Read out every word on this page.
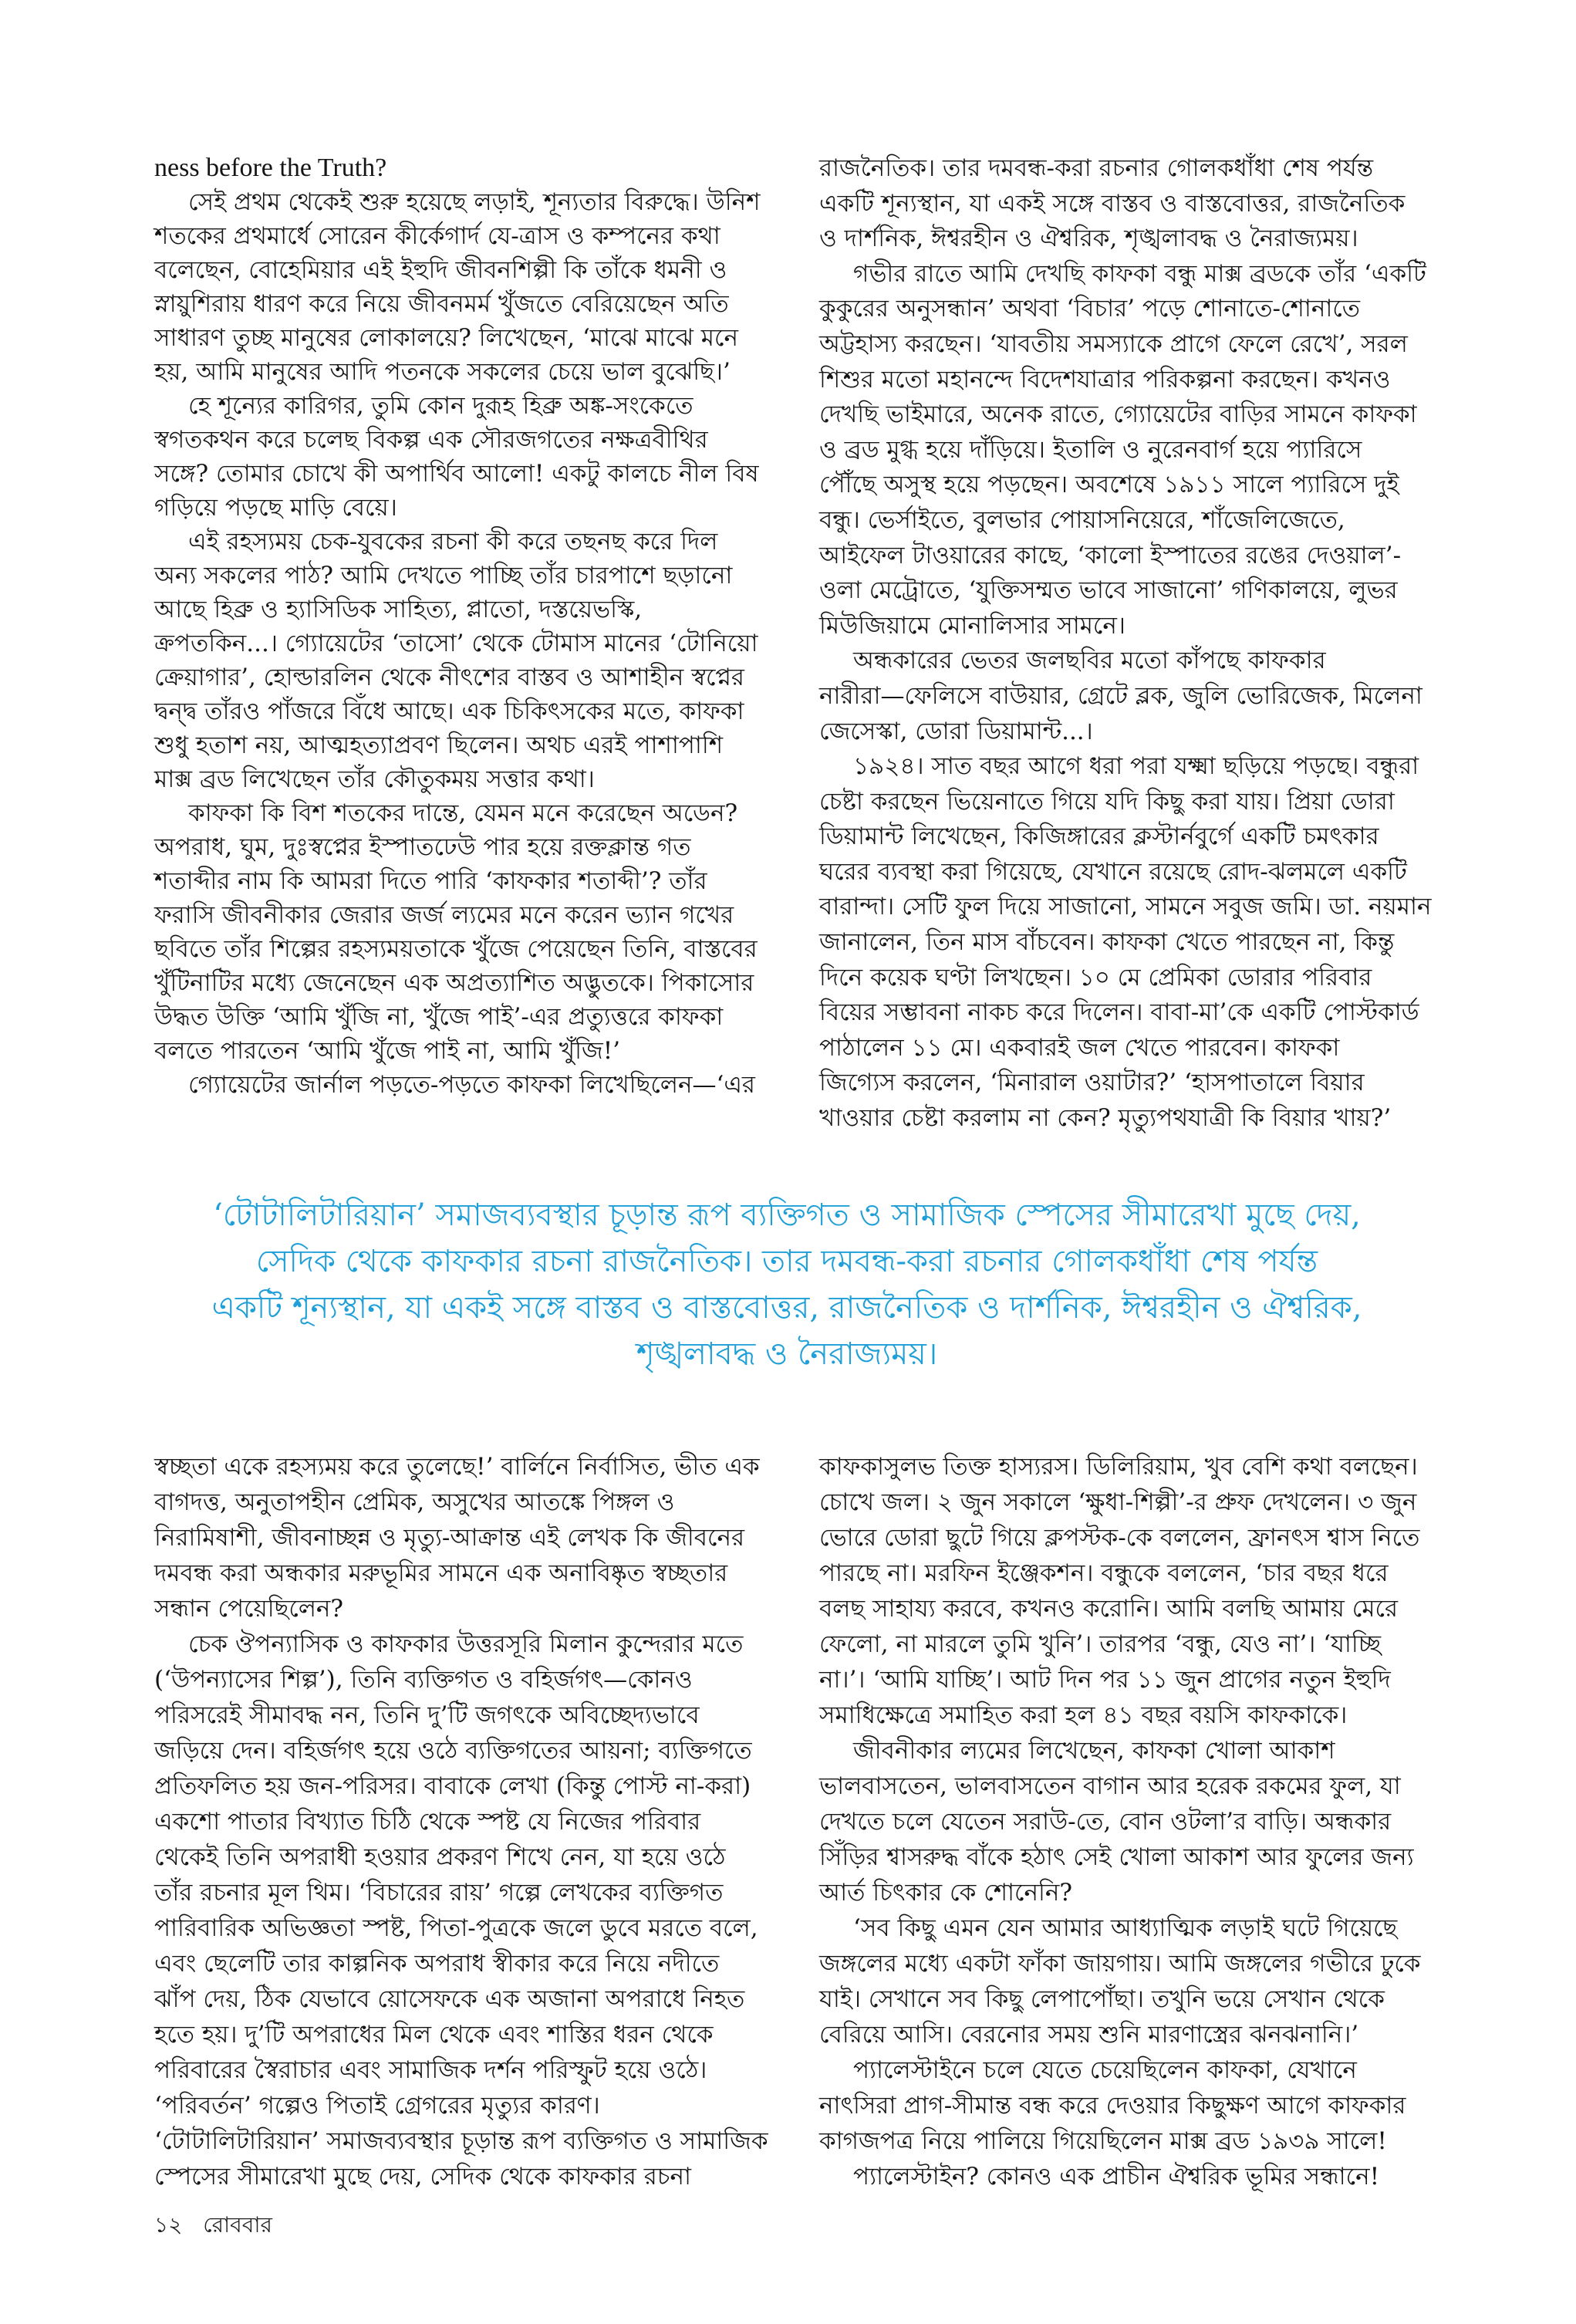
ness before the Truth?
সেই প্রথম থেকেই শুরু হয়েছে লড়াই, শূন্যতার বিরুদ্ধে। উনিশ
শতকের প্রথমার্ধে সোরেন কীর্কেগার্দ যে-ত্রাস ও কম্পনের কথা
বলেছেন, বোহেমিয়ার এই ইহুদি জীবনশিল্পী কি তাঁকে ধমনী ও
স্নায়ুশিরায় ধারণ করে নিয়ে জীবনমর্ম খুঁজতে বেরিয়েছেন অতি
সাধারণ তুচ্ছ মানুষের লোকালয়ে? লিখেছেন, ‘মাঝে মাঝে মনে
হয়, আমি মানুষের আদি পতনকে সকলের চেয়ে ভাল বুঝেছি।’
হে শূন্যের কারিগর, তুমি কোন দুরূহ হিব্রু অঙ্ক-সংকেতে
স্বগতকথন করে চলেছ বিকল্প এক সৌরজগতের নক্ষত্রবীথির
সঙ্গে? তোমার চোখে কী অপার্থিব আলো! একটু কালচে নীল বিষ
গড়িয়ে পড়ছে মাড়ি বেয়ে।
এই রহস্যময় চেক-যুবকের রচনা কী করে তছনছ করে দিল
অন্য সকলের পাঠ? আমি দেখতে পাচ্ছি তাঁর চারপাশে ছড়ানো
আছে হিব্রু ও হ্যাসিডিক সাহিত্য, প্লাতো, দস্তয়েভস্কি,
ক্রপতকিন...। গ্যোয়েটের ‘তাসো’ থেকে টোমাস মানের ‘টোনিয়ো
ক্রেয়াগার’, হোল্ডারলিন থেকে নীৎশের বাস্তব ও আশাহীন স্বপ্নের
দ্বন্দ্ব তাঁরও পাঁজরে বিঁধে আছে। এক চিকিৎসকের মতে, কাফকা
শুধু হতাশ নয়, আত্মহত্যাপ্রবণ ছিলেন। অথচ এরই পাশাপাশি
মাক্স ব্রড লিখেছেন তাঁর কৌতুকময় সত্তার কথা।
কাফকা কি বিশ শতকের দান্তে, যেমন মনে করেছেন অডেন?
অপরাধ, ঘুম, দুঃস্বপ্নের ইস্পাতঢেউ পার হয়ে রক্তক্লান্ত গত
শতাব্দীর নাম কি আমরা দিতে পারি ‘কাফকার শতাব্দী’? তাঁর
ফরাসি জীবনীকার জেরার জর্জ ল্যমের মনে করেন ভ্যান গখের
ছবিতে তাঁর শিল্পের রহস্যময়তাকে খুঁজে পেয়েছেন তিনি, বাস্তবের
খুঁটিনাটির মধ্যে জেনেছেন এক অপ্রত্যাশিত অদ্ভুতকে। পিকাসোর
উদ্ধত উক্তি ‘আমি খুঁজি না, খুঁজে পাই’-এর প্রত্যুত্তরে কাফকা
বলতে পারতেন ‘আমি খুঁজে পাই না, আমি খুঁজি!’
গ্যোয়েটের জার্নাল পড়তে-পড়তে কাফকা লিখেছিলেন—‘এর
রাজনৈতিক। তার দমবন্ধ-করা রচনার গোলকধাঁধা শেষ পর্যন্ত
একটি শূন্যস্থান, যা একই সঙ্গে বাস্তব ও বাস্তবোত্তর, রাজনৈতিক
ও দার্শনিক, ঈশ্বরহীন ও ঐশ্বরিক, শৃঙ্খলাবদ্ধ ও নৈরাজ্যময়।
গভীর রাতে আমি দেখছি কাফকা বন্ধু মাক্স ব্রডকে তাঁর ‘একটি
কুকুরের অনুসন্ধান’ অথবা ‘বিচার’ পড়ে শোনাতে-শোনাতে
অট্টহাস্য করছেন। ‘যাবতীয় সমস্যাকে প্রাগে ফেলে রেখে’, সরল
শিশুর মতো মহানন্দে বিদেশযাত্রার পরিকল্পনা করছেন। কখনও
দেখছি ভাইমারে, অনেক রাতে, গ্যোয়েটের বাড়ির সামনে কাফকা
ও ব্রড মুগ্ধ হয়ে দাঁড়িয়ে। ইতালি ও নুরেনবার্গ হয়ে প্যারিসে
পৌঁছে অসুস্থ হয়ে পড়ছেন। অবশেষে ১৯১১ সালে প্যারিসে দুই
বন্ধু। ভের্সাইতে, বুলভার পোয়াসনিয়েরে, শাঁজেলিজেতে,
আইফেল টাওয়ারের কাছে, ‘কালো ইস্পাতের রঙের দেওয়াল’-
ওলা মেট্রোতে, ‘যুক্তিসম্মত ভাবে সাজানো’ গণিকালয়ে, লুভর
মিউজিয়ামে মোনালিসার সামনে।
অন্ধকারের ভেতর জলছবির মতো কাঁপছে কাফকার
নারীরা—ফেলিসে বাউয়ার, গ্রেটে ব্লক, জুলি ভোরিজেক, মিলেনা
জেসেস্কা, ডোরা ডিয়ামান্ট...।
১৯২৪। সাত বছর আগে ধরা পরা যক্ষ্মা ছড়িয়ে পড়ছে। বন্ধুরা
চেষ্টা করছেন ভিয়েনাতে গিয়ে যদি কিছু করা যায়। প্রিয়া ডোরা
ডিয়ামান্ট লিখেছেন, কিজিঙ্গারের ক্লস্টার্নবুর্গে একটি চমৎকার
ঘরের ব্যবস্থা করা গিয়েছে, যেখানে রয়েছে রোদ-ঝলমলে একটি
বারান্দা। সেটি ফুল দিয়ে সাজানো, সামনে সবুজ জমি। ডা. নয়মান
জানালেন, তিন মাস বাঁচবেন। কাফকা খেতে পারছেন না, কিন্তু
দিনে কয়েক ঘণ্টা লিখছেন। ১০ মে প্রেমিকা ডোরার পরিবার
বিয়ের সম্ভাবনা নাকচ করে দিলেন। বাবা-মা’কে একটি পোস্টকার্ড
পাঠালেন ১১ মে। একবারই জল খেতে পারবেন। কাফকা
জিগ্যেস করলেন, ‘মিনারাল ওয়াটার?’ ‘হাসপাতালে বিয়ার
খাওয়ার চেষ্টা করলাম না কেন? মৃত্যুপথযাত্রী কি বিয়ার খায়?’
‘টোটালিটারিয়ান’ সমাজব্যবস্থার চূড়ান্ত রূপ ব্যক্তিগত ও সামাজিক স্পেসের সীমারেখা মুছে দেয়,
সেদিক থেকে কাফকার রচনা রাজনৈতিক। তার দমবন্ধ-করা রচনার গোলকধাঁধা শেষ পর্যন্ত
একটি শূন্যস্থান, যা একই সঙ্গে বাস্তব ও বাস্তবোত্তর, রাজনৈতিক ও দার্শনিক, ঈশ্বরহীন ও ঐশ্বরিক,
শৃঙ্খলাবদ্ধ ও নৈরাজ্যময়।
স্বচ্ছতা একে রহস্যময় করে তুলেছে!’ বার্লিনে নির্বাসিত, ভীত এক
বাগদত্ত, অনুতাপহীন প্রেমিক, অসুখের আতঙ্কে পিঙ্গল ও
নিরামিষাশী, জীবনাচ্ছন্ন ও মৃত্যু-আক্রান্ত এই লেখক কি জীবনের
দমবন্ধ করা অন্ধকার মরুভূমির সামনে এক অনাবিষ্কৃত স্বচ্ছতার
সন্ধান পেয়েছিলেন?
চেক ঔপন্যাসিক ও কাফকার উত্তরসূরি মিলান কুন্দেরার মতে
(‘উপন্যাসের শিল্প’), তিনি ব্যক্তিগত ও বহির্জগৎ—কোনও
পরিসরেই সীমাবদ্ধ নন, তিনি দু’টি জগৎকে অবিচ্ছেদ্যভাবে
জড়িয়ে দেন। বহির্জগৎ হয়ে ওঠে ব্যক্তিগতের আয়না; ব্যক্তিগতে
প্রতিফলিত হয় জন-পরিসর। বাবাকে লেখা (কিন্তু পোস্ট না-করা)
একশো পাতার বিখ্যাত চিঠি থেকে স্পষ্ট যে নিজের পরিবার
থেকেই তিনি অপরাধী হওয়ার প্রকরণ শিখে নেন, যা হয়ে ওঠে
তাঁর রচনার মূল থিম। ‘বিচারের রায়’ গল্পে লেখকের ব্যক্তিগত
পারিবারিক অভিজ্ঞতা স্পষ্ট, পিতা-পুত্রকে জলে ডুবে মরতে বলে,
এবং ছেলেটি তার কাল্পনিক অপরাধ স্বীকার করে নিয়ে নদীতে
ঝাঁপ দেয়, ঠিক যেভাবে য়োসেফকে এক অজানা অপরাধে নিহত
হতে হয়। দু’টি অপরাধের মিল থেকে এবং শাস্তির ধরন থেকে
পরিবারের স্বৈরাচার এবং সামাজিক দর্শন পরিস্ফুট হয়ে ওঠে।
‘পরিবর্তন’ গল্পেও পিতাই গ্রেগরের মৃত্যুর কারণ।
‘টোটালিটারিয়ান’ সমাজব্যবস্থার চূড়ান্ত রূপ ব্যক্তিগত ও সামাজিক
স্পেসের সীমারেখা মুছে দেয়, সেদিক থেকে কাফকার রচনা
কাফকাসুলভ তিক্ত হাস্যরস। ডিলিরিয়াম, খুব বেশি কথা বলছেন।
চোখে জল। ২ জুন সকালে ‘ক্ষুধা-শিল্পী’-র প্রুফ দেখলেন। ৩ জুন
ভোরে ডোরা ছুটে গিয়ে ক্লপস্টক-কে বললেন, ফ্রানৎস শ্বাস নিতে
পারছে না। মরফিন ইঞ্জেকশন। বন্ধুকে বললেন, ‘চার বছর ধরে
বলছ সাহায্য করবে, কখনও করোনি। আমি বলছি আমায় মেরে
ফেলো, না মারলে তুমি খুনি’। তারপর ‘বন্ধু, যেও না’। ‘যাচ্ছি
না।’। ‘আমি যাচ্ছি’। আট দিন পর ১১ জুন প্রাগের নতুন ইহুদি
সমাধিক্ষেত্রে সমাহিত করা হল ৪১ বছর বয়সি কাফকাকে।
জীবনীকার ল্যমের লিখেছেন, কাফকা খোলা আকাশ
ভালবাসতেন, ভালবাসতেন বাগান আর হরেক রকমের ফুল, যা
দেখতে চলে যেতেন সরাউ-তে, বোন ওটলা’র বাড়ি। অন্ধকার
সিঁড়ির শ্বাসরুদ্ধ বাঁকে হঠাৎ সেই খোলা আকাশ আর ফুলের জন্য
আর্ত চিৎকার কে শোনেনি?
‘সব কিছু এমন যেন আমার আধ্যাত্মিক লড়াই ঘটে গিয়েছে
জঙ্গলের মধ্যে একটা ফাঁকা জায়গায়। আমি জঙ্গলের গভীরে ঢুকে
যাই। সেখানে সব কিছু লেপাপোঁছা। তখুনি ভয়ে সেখান থেকে
বেরিয়ে আসি। বেরনোর সময় শুনি মারণাস্ত্রের ঝনঝনানি।’
প্যালেস্টাইনে চলে যেতে চেয়েছিলেন কাফকা, যেখানে
নাৎসিরা প্রাগ-সীমান্ত বন্ধ করে দেওয়ার কিছুক্ষণ আগে কাফকার
কাগজপত্র নিয়ে পালিয়ে গিয়েছিলেন মাক্স ব্রড ১৯৩৯ সালে!
প্যালেস্টাইন? কোনও এক প্রাচীন ঐশ্বরিক ভূমির সন্ধানে!
১২ রোববার
